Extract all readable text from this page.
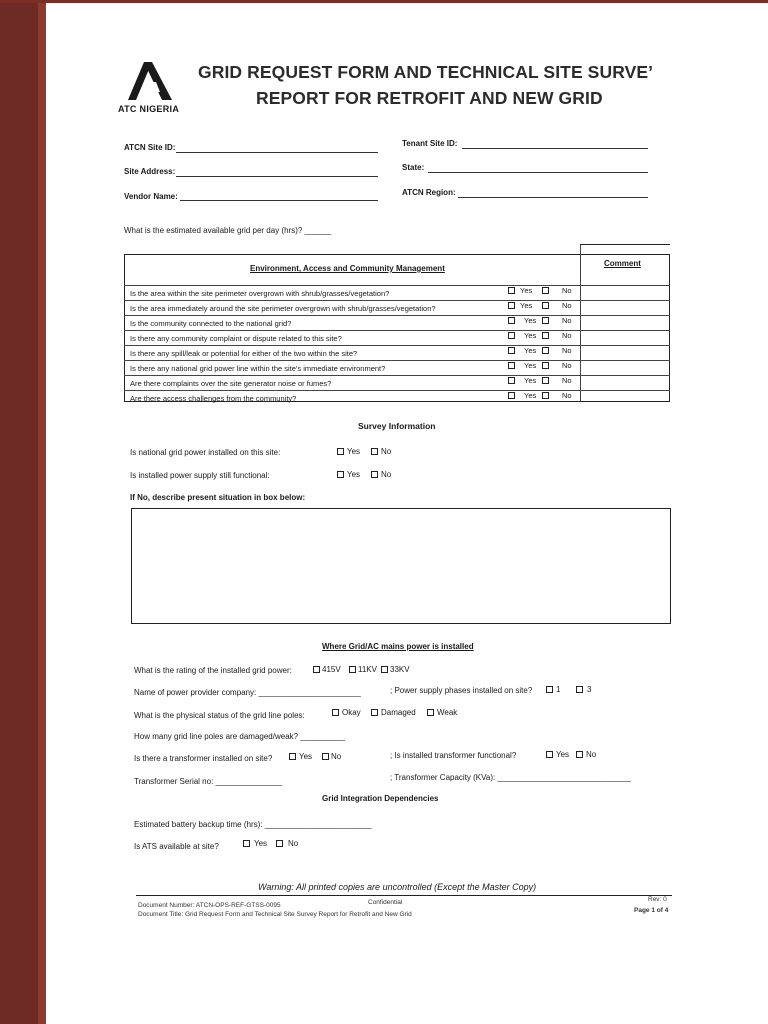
ATC NIGERIA
GRID REQUEST FORM AND TECHNICAL SITE SURVE’
REPORT FOR RETROFIT AND NEW GRID
ATCN Site ID:	Tenant Site ID:
Site Address:	State:
Vendor Name:	ATCN Region:
What is the estimated available grid per day (hrs)? ______
Environment, Access and Community Management
Comment
Is the area within the site perimeter overgrown with shrub/grasses/vegetation?	Yes	No
Is the area immediately around the site perimeter overgrown with shrub/grasses/vegetation?	Yes	No
Is the community connected to the national grid?	Yes	No
Is there any community complaint or dispute related to this site?	Yes	No
Is there any spill/leak or potential for either of the two within the site?	Yes	No
Is there any national grid power line within the site's immediate environment?	Yes	No
Are there complaints over the site generator noise or fumes?	Yes	No
Are there access challenges from the community?	Yes	No
Survey Information
Is national grid power installed on this site:	Yes	No
Is installed power supply still functional:	Yes	No
If No, describe present situation in box below:
Where Grid/AC mains power is installed
What is the rating of the installed grid power:	415V 11KV 33KV
Name of power provider company: _______________________	; Power supply phases installed on site?	1	3
What is the physical status of the grid line poles:	Okay	Damaged	Weak
How many grid line poles are damaged/weak? __________
Is there a transformer installed on site?	Yes No	; Is installed transformer functional?	Yes No
Transformer Serial no: _______________	; Transformer Capacity (KVa): ______________________________
Grid Integration Dependencies
Estimated battery backup time (hrs): ________________________
Is ATS available at site?	Yes	No
Warning: All printed copies are uncontrolled (Except the Master Copy)
Document Number: ATCN-OPS-REF-GTSS-0095	Confidential
Document Title: Grid Request Form and Technical Site Survey Report for Retrofit and New Grid
Rev: 0
Page 1 of 4
